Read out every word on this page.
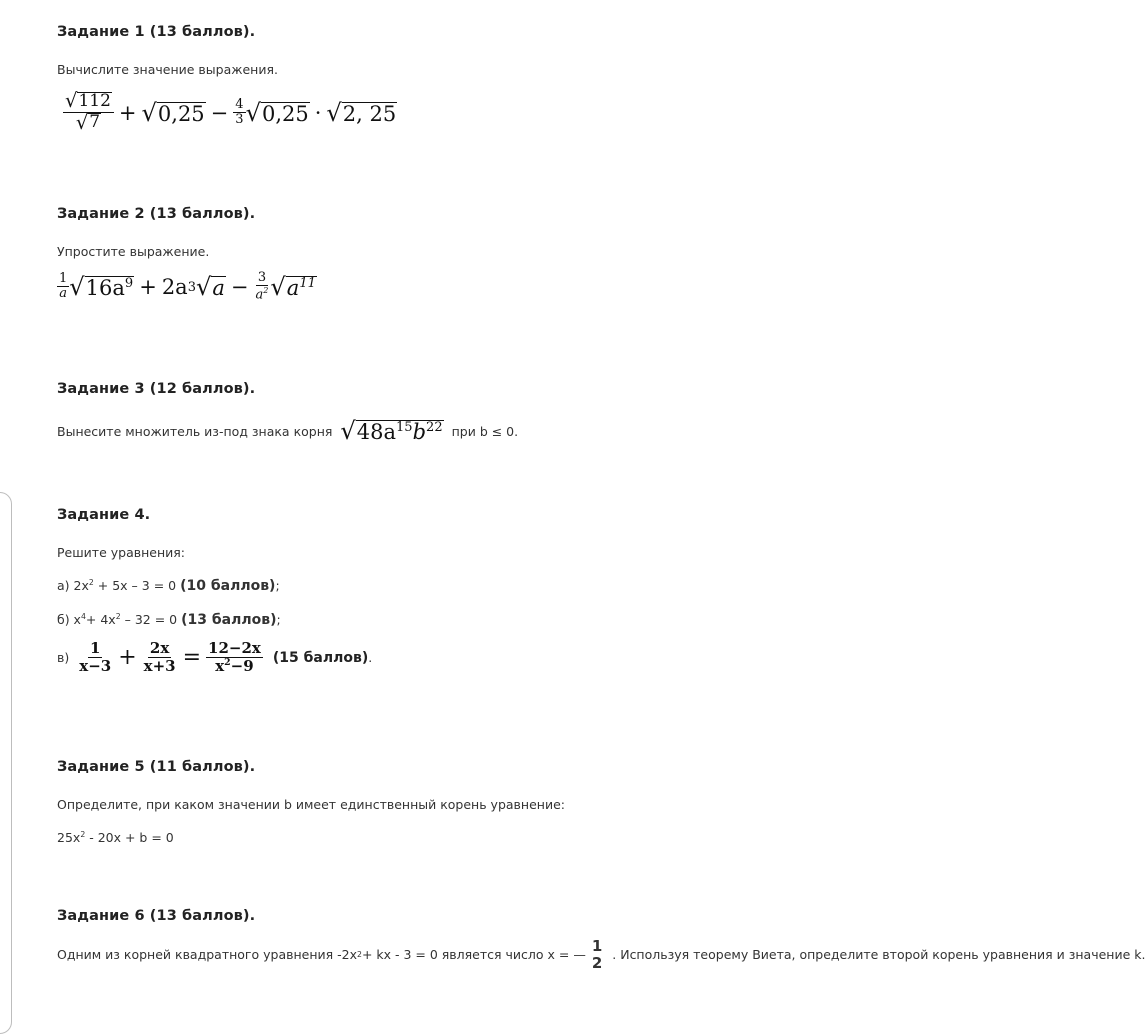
Задание 1 (13 баллов).
Вычислите значение выражения.
$\frac{√ 112}{√ 7}$ + √ $0,25 - \frac{4}{3}$ √ 0,25 · √ 2, 25
Задание 2 (13 баллов).
Упростите выражение.
$\frac{1}{a}$ √ $16a^9 + 2a$ 3 √ $a - \frac{3}{a^2}$ √ $a^{11}$
Задание 3 (12 баллов).
Вынесите множитель из-под знака корня √ $48a^{15}b^{22}$ при b ≤ 0.
Задание 4.
Решите уравнения:
а) $2x^2 + 5x - 3 = 0$ (10 баллов);
б) $x^4+ 4x^2 - 32 = 0$ (13 баллов);
$в) \frac{1}{x-3} + \frac{2x}{x+3} = \frac{12-2x}{x^2-9} (15$ баллов) .
Задание 5 (11 баллов).
Определите, при каком значении b имеет единственный корень уравнение:
$25x^2 - 20x + b = 0$
Задание 6 (13 баллов).
Одним из корней квадратного уравнения -2x 2 + kx - 3 = 0 является число x = — 1
2 . Используя теорему Виета, определите второй корень уравнения и значение k.
